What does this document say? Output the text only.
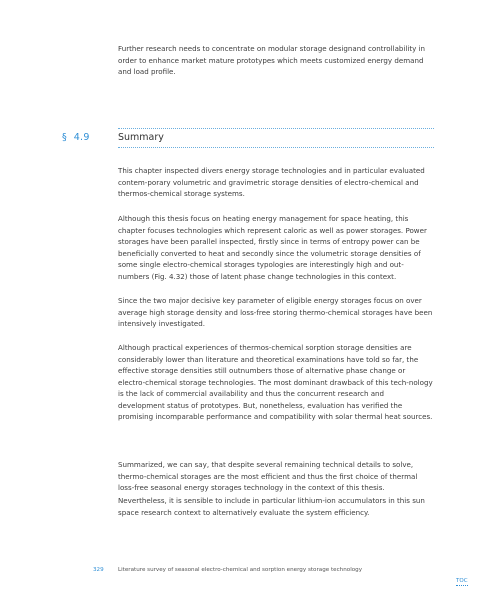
Further research needs to concentrate on modular storage designand controllability in order to enhance market mature prototypes which meets customized energy demand and load profile.

§  4.9	Summary

This chapter inspected divers energy storage technologies and in particular evaluated contem-porary volumetric and gravimetric storage densities of electro-chemical and thermos-chemical storage systems.

Although this thesis focus on heating energy management for space heating, this chapter focuses technologies which represent caloric as well as power storages. Power storages have been parallel inspected, firstly since in terms of entropy power can be beneficially converted to heat and secondly since the volumetric storage densities of some single electro-chemical storages typologies are interestingly high and out-numbers (Fig. 4.32) those of latent phase change technologies in this context.

Since the two major decisive key parameter of eligible energy storages focus on over average high storage density and loss-free storing thermo-chemical storages have been intensively investigated.

Although practical experiences of thermos-chemical sorption storage densities are considerably lower than literature and theoretical examinations have told so far, the effective storage densities still outnumbers those of alternative phase change or electro-chemical storage technologies. The most dominant drawback of this tech-nology is the lack of commercial availability and thus the concurrent research and development status of prototypes. But, nonetheless, evaluation has verified the promising incomparable performance and compatibility with solar thermal heat sources.

Summarized, we can say, that despite several remaining technical details to solve, thermo-chemical storages are the most efficient and thus the first choice of thermal loss-free seasonal energy storages technology in the context of this thesis.

Nevertheless, it is sensible to include in particular lithium-ion accumulators in this sun space research context to alternatively evaluate the system efficiency.

329	Literature survey of seasonal electro-chemical and sorption energy storage technology
TOC
